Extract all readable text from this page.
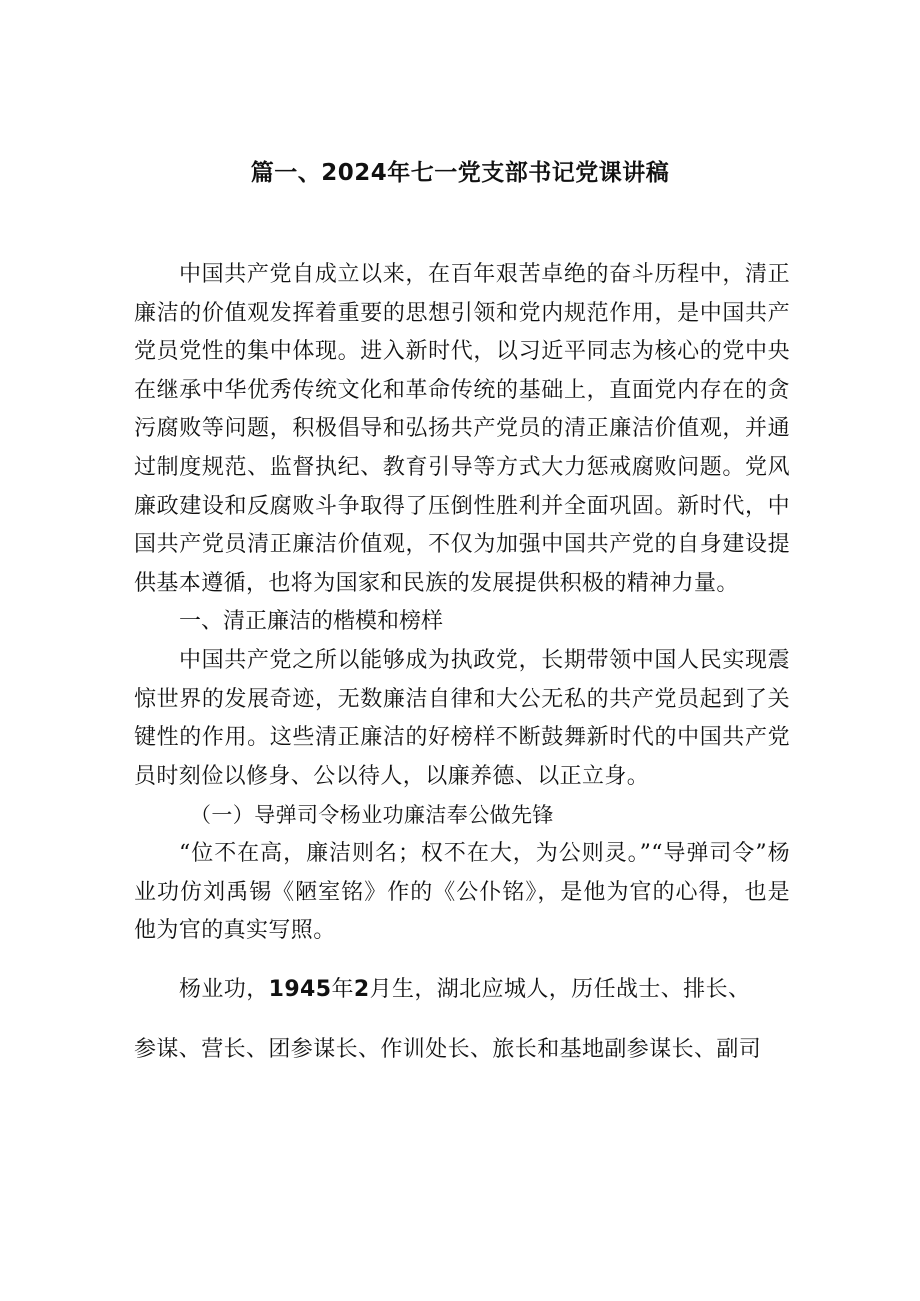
篇一、2024年七一党支部书记党课讲稿

中国共产党自成立以来，在百年艰苦卓绝的奋斗历程中，清正廉洁的价值观发挥着重要的思想引领和党内规范作用，是中国共产党员党性的集中体现。进入新时代，以习近平同志为核心的党中央在继承中华优秀传统文化和革命传统的基础上，直面党内存在的贪污腐败等问题，积极倡导和弘扬共产党员的清正廉洁价值观，并通过制度规范、监督执纪、教育引导等方式大力惩戒腐败问题。党风廉政建设和反腐败斗争取得了压倒性胜利并全面巩固。新时代，中国共产党员清正廉洁价值观，不仅为加强中国共产党的自身建设提供基本遵循，也将为国家和民族的发展提供积极的精神力量。

一、清正廉洁的楷模和榜样

中国共产党之所以能够成为执政党，长期带领中国人民实现震惊世界的发展奇迹，无数廉洁自律和大公无私的共产党员起到了关键性的作用。这些清正廉洁的好榜样不断鼓舞新时代的中国共产党员时刻俭以修身、公以待人，以廉养德、以正立身。

（一）导弹司令杨业功廉洁奉公做先锋

“位不在高，廉洁则名；权不在大，为公则灵。”“导弹司令”杨业功仿刘禹锡《陋室铭》作的《公仆铭》，是他为官的心得，也是他为官的真实写照。

杨业功，1945年2月生，湖北应城人，历任战士、排长、

参谋、营长、团参谋长、作训处长、旅长和基地副参谋长、副司
